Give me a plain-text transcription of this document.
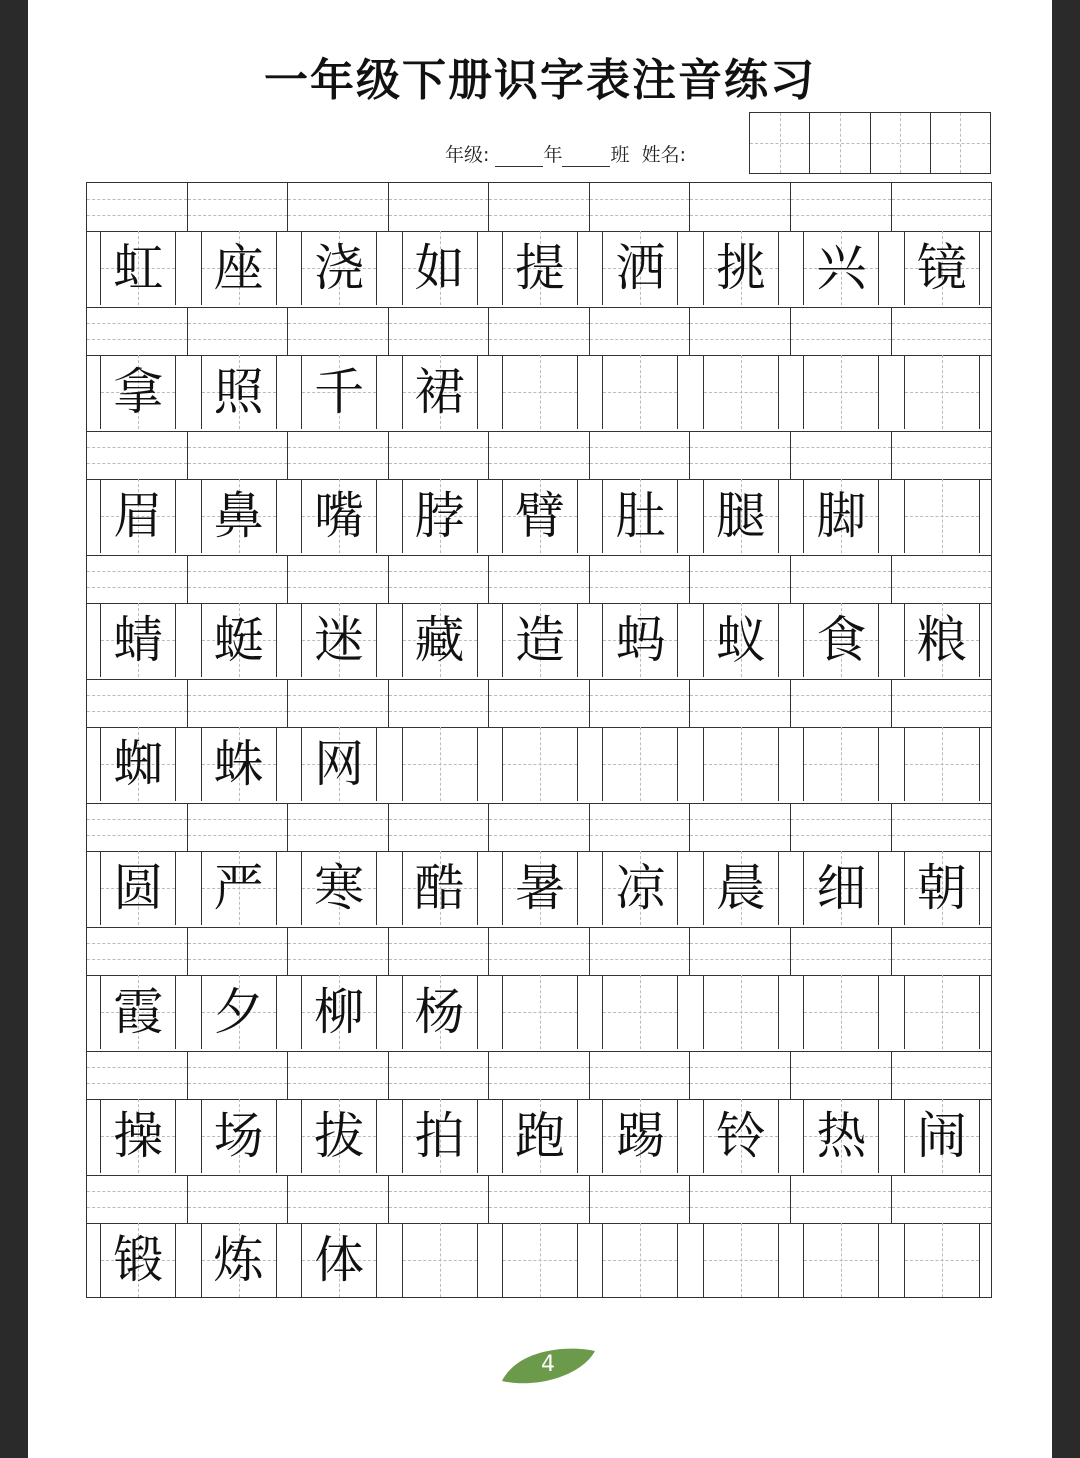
一年级下册识字表注音练习
年级:	年	班 姓名:
虹 座 浇 如 提 洒 挑 兴 镜
拿 照 千 裙
眉 鼻 嘴 脖 臂 肚 腿 脚
蜻 蜓 迷 藏 造 蚂 蚁 食 粮
蜘 蛛 网
圆 严 寒 酷 暑 凉 晨 细 朝
霞 夕 柳 杨
操 场 拔 拍 跑 踢 铃 热 闹
锻 炼 体
4
